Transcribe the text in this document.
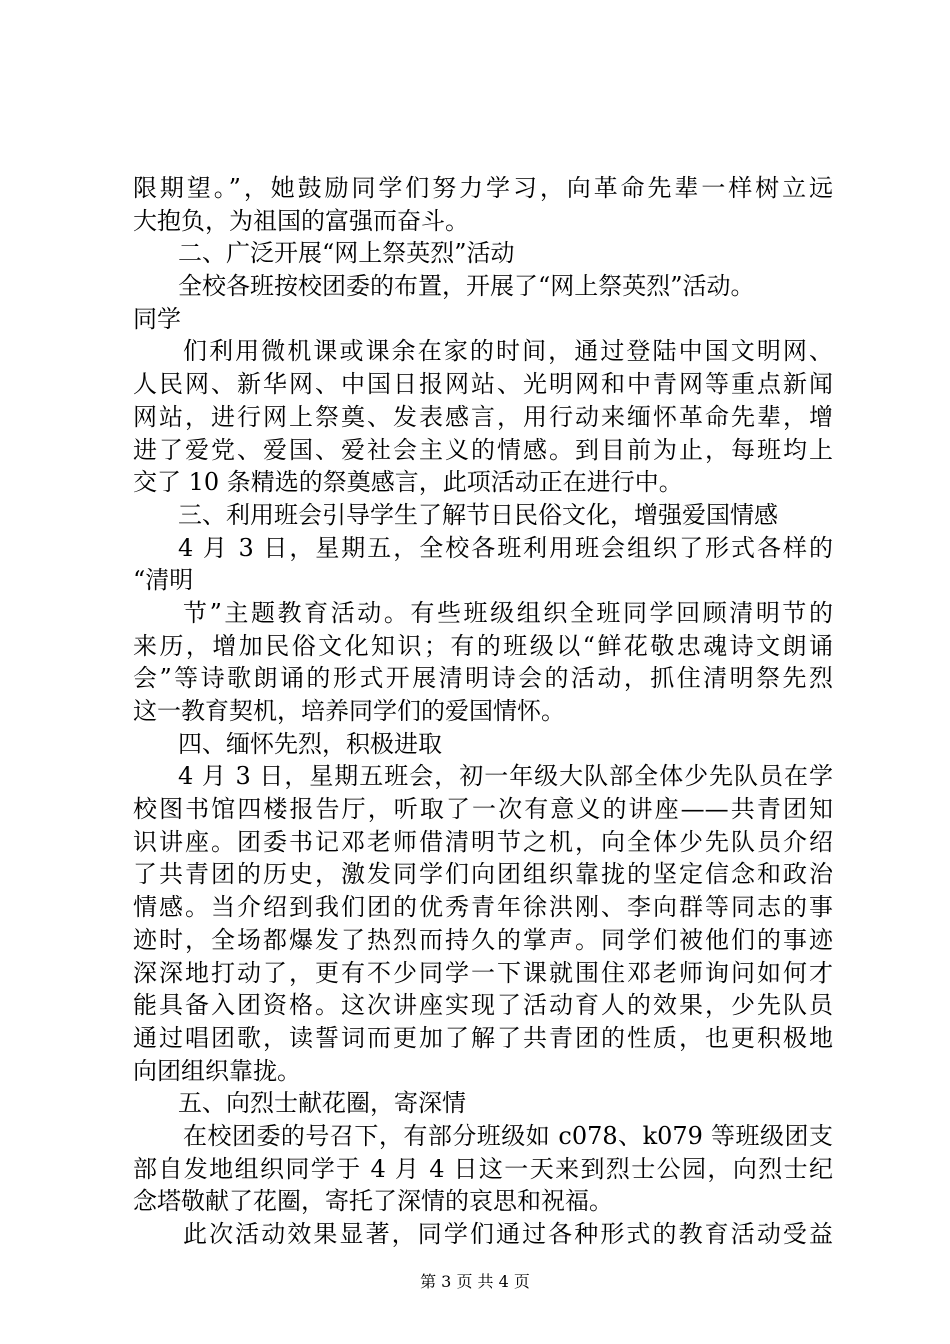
限期望。”，她鼓励同学们努力学习，向革命先辈一样树立远
大抱负，为祖国的富强而奋斗。
二、广泛开展“网上祭英烈”活动
全校各班按校团委的布置，开展了“网上祭英烈”活动。
同学
们利用微机课或课余在家的时间，通过登陆中国文明网、
人民网、新华网、中国日报网站、光明网和中青网等重点新闻
网站，进行网上祭奠、发表感言，用行动来缅怀革命先辈，增
进了爱党、爱国、爱社会主义的情感。到目前为止，每班均上
交了 10 条精选的祭奠感言，此项活动正在进行中。
三、利用班会引导学生了解节日民俗文化，增强爱国情感
4 月 3 日，星期五，全校各班利用班会组织了形式各样的
“清明
节”主题教育活动。有些班级组织全班同学回顾清明节的
来历，增加民俗文化知识；有的班级以“鲜花敬忠魂诗文朗诵
会”等诗歌朗诵的形式开展清明诗会的活动，抓住清明祭先烈
这一教育契机，培养同学们的爱国情怀。
四、缅怀先烈，积极进取
4 月 3 日，星期五班会，初一年级大队部全体少先队员在学
校图书馆四楼报告厅，听取了一次有意义的讲座——共青团知
识讲座。团委书记邓老师借清明节之机，向全体少先队员介绍
了共青团的历史，激发同学们向团组织靠拢的坚定信念和政治
情感。当介绍到我们团的优秀青年徐洪刚、李向群等同志的事
迹时，全场都爆发了热烈而持久的掌声。同学们被他们的事迹
深深地打动了，更有不少同学一下课就围住邓老师询问如何才
能具备入团资格。这次讲座实现了活动育人的效果，少先队员
通过唱团歌，读誓词而更加了解了共青团的性质，也更积极地
向团组织靠拢。
五、向烈士献花圈，寄深情
在校团委的号召下，有部分班级如 c078、k079 等班级团支
部自发地组织同学于 4 月 4 日这一天来到烈士公园，向烈士纪
念塔敬献了花圈，寄托了深情的哀思和祝福。
此次活动效果显著，同学们通过各种形式的教育活动受益
第 3 页 共 4 页
